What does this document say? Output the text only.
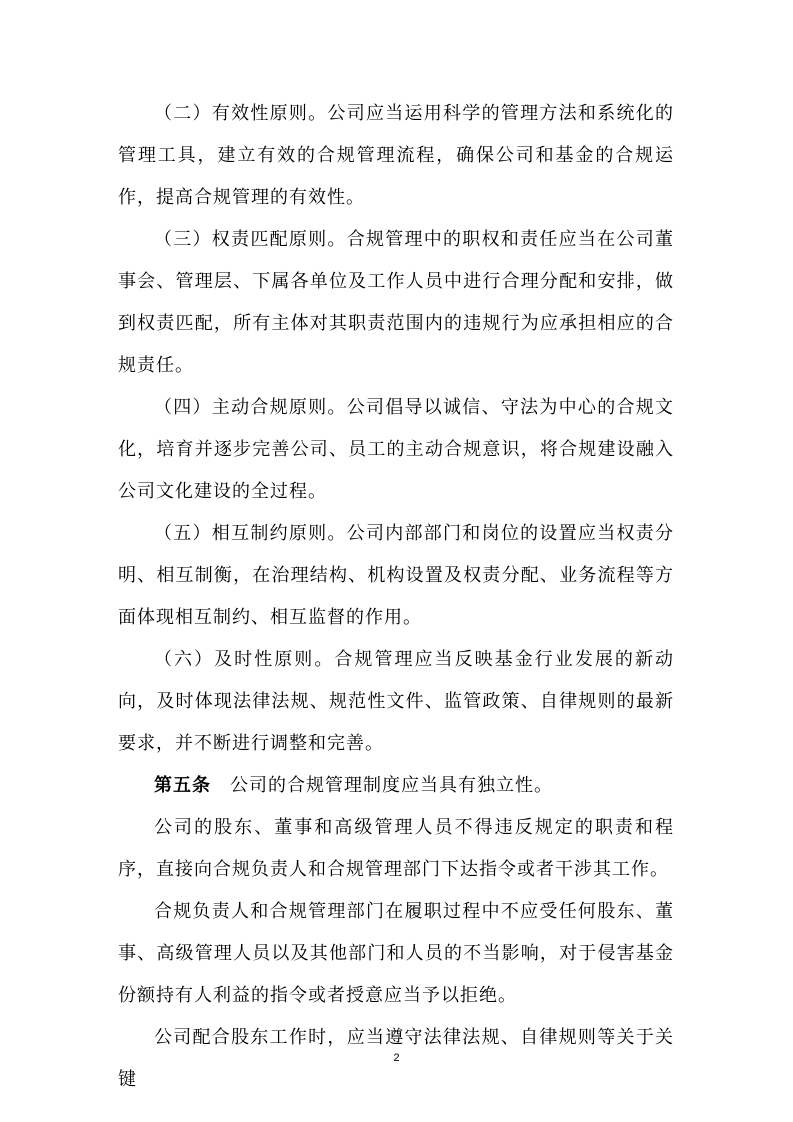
（二）有效性原则。公司应当运用科学的管理方法和系统化的管理工具，建立有效的合规管理流程，确保公司和基金的合规运作，提高合规管理的有效性。

（三）权责匹配原则。合规管理中的职权和责任应当在公司董事会、管理层、下属各单位及工作人员中进行合理分配和安排，做到权责匹配，所有主体对其职责范围内的违规行为应承担相应的合规责任。

（四）主动合规原则。公司倡导以诚信、守法为中心的合规文化，培育并逐步完善公司、员工的主动合规意识，将合规建设融入公司文化建设的全过程。

（五）相互制约原则。公司内部部门和岗位的设置应当权责分明、相互制衡，在治理结构、机构设置及权责分配、业务流程等方面体现相互制约、相互监督的作用。

（六）及时性原则。合规管理应当反映基金行业发展的新动向，及时体现法律法规、规范性文件、监管政策、自律规则的最新要求，并不断进行调整和完善。

第五条　公司的合规管理制度应当具有独立性。

公司的股东、董事和高级管理人员不得违反规定的职责和程序，直接向合规负责人和合规管理部门下达指令或者干涉其工作。

合规负责人和合规管理部门在履职过程中不应受任何股东、董事、高级管理人员以及其他部门和人员的不当影响，对于侵害基金份额持有人利益的指令或者授意应当予以拒绝。

公司配合股东工作时，应当遵守法律法规、自律规则等关于关键

2
